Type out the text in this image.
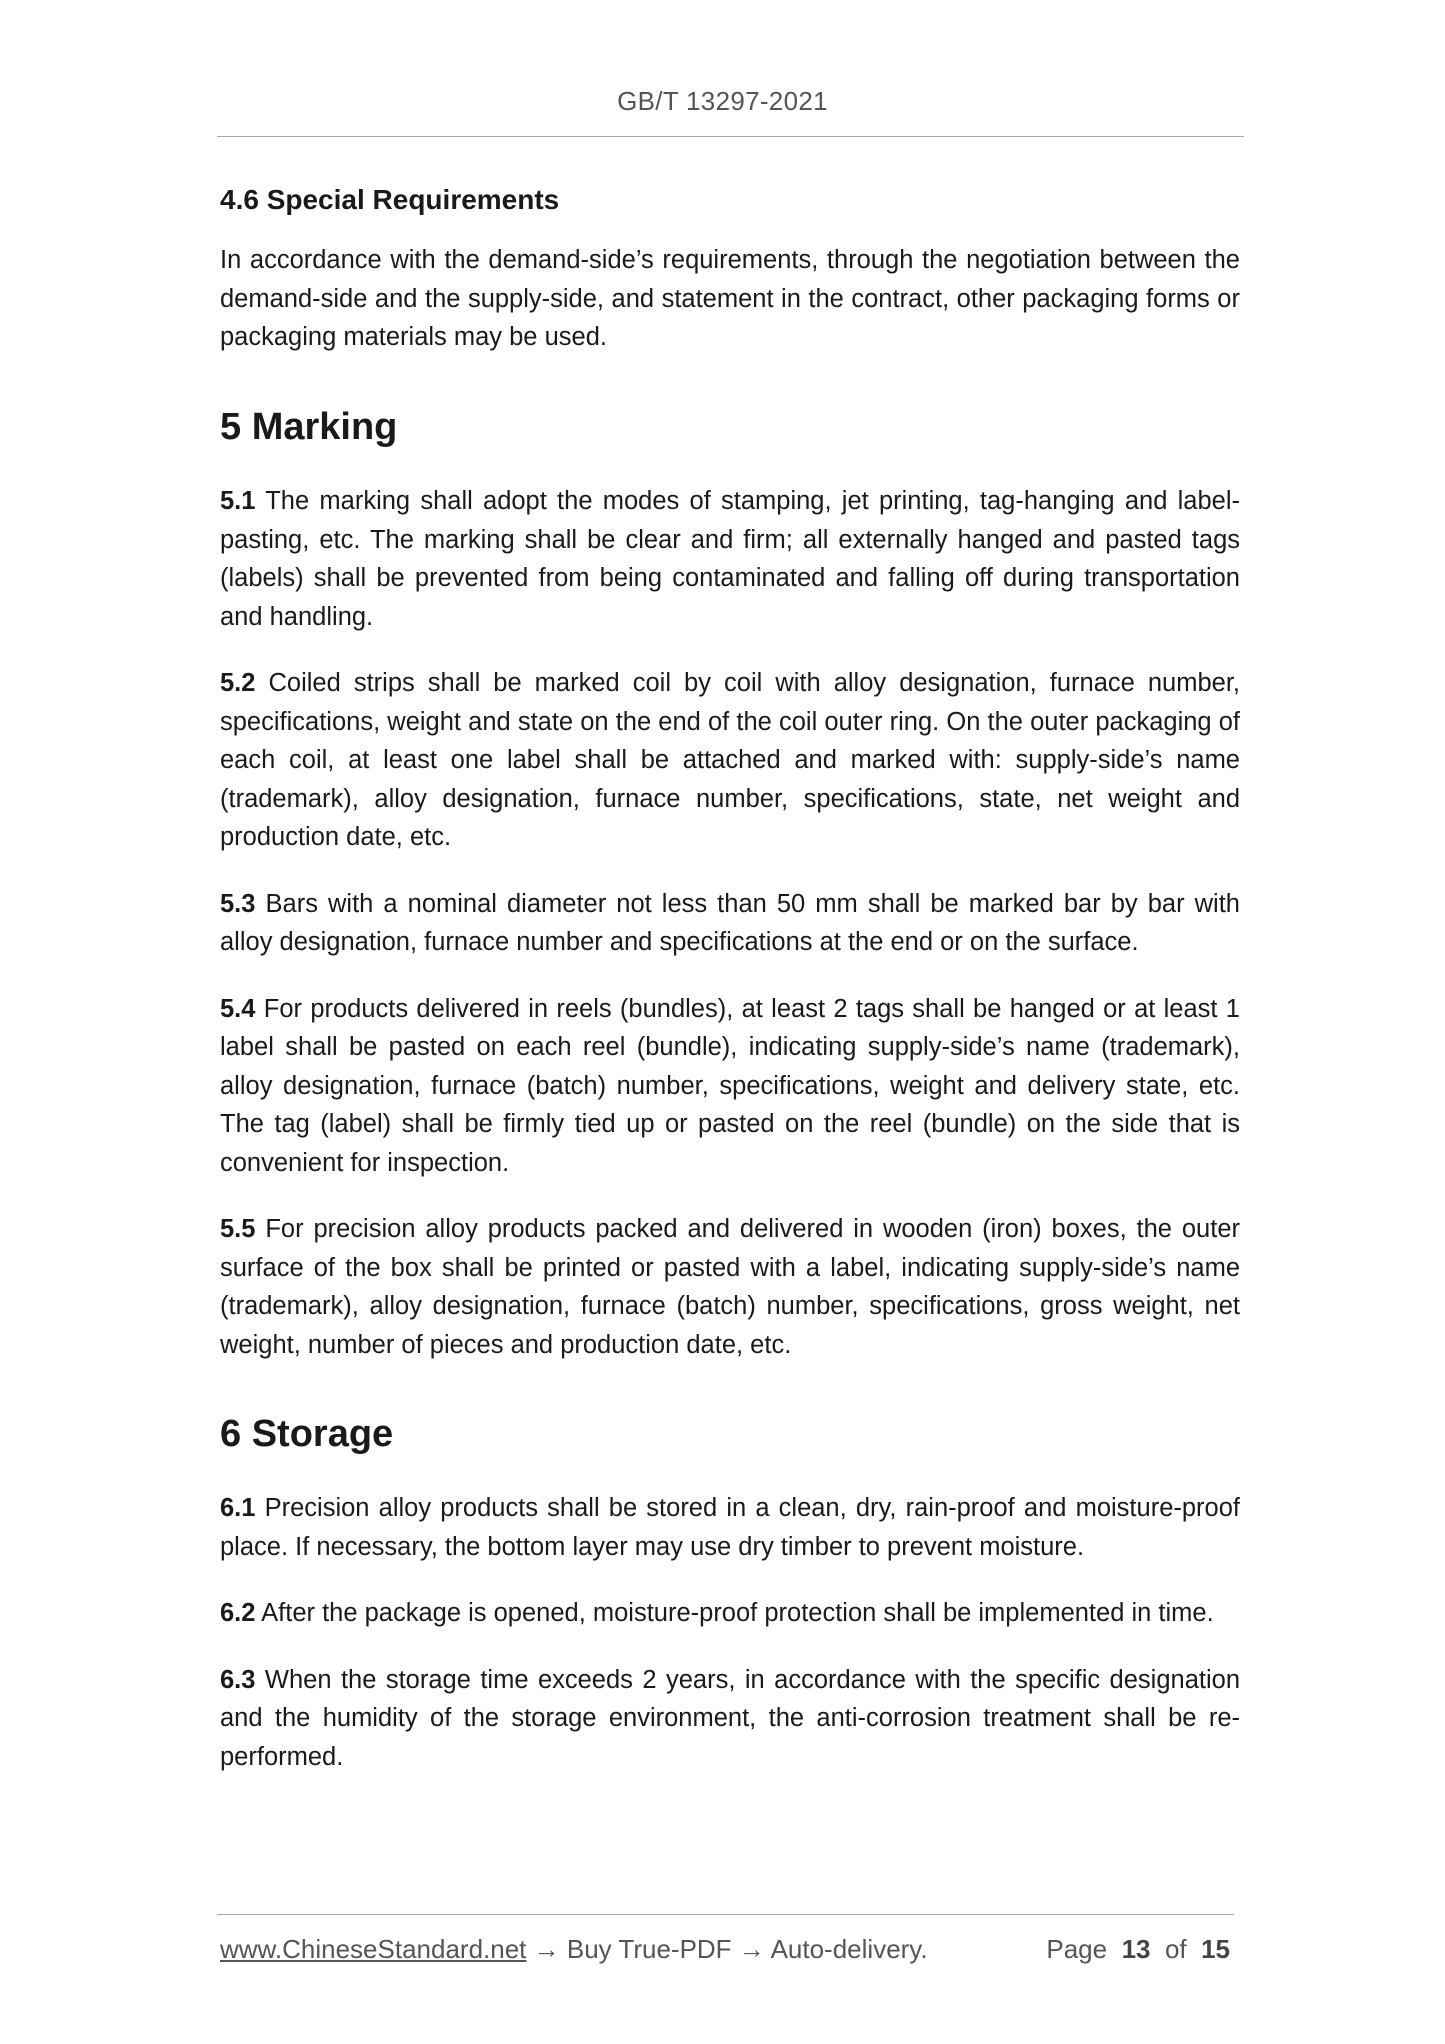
GB/T 13297-2021
4.6 Special Requirements

In accordance with the demand-side’s requirements, through the negotiation between the demand-side and the supply-side, and statement in the contract, other packaging forms or packaging materials may be used.

5 Marking

5.1 The marking shall adopt the modes of stamping, jet printing, tag-hanging and label-pasting, etc. The marking shall be clear and firm; all externally hanged and pasted tags (labels) shall be prevented from being contaminated and falling off during transportation and handling.

5.2 Coiled strips shall be marked coil by coil with alloy designation, furnace number, specifications, weight and state on the end of the coil outer ring. On the outer packaging of each coil, at least one label shall be attached and marked with: supply-side’s name (trademark), alloy designation, furnace number, specifications, state, net weight and production date, etc.

5.3 Bars with a nominal diameter not less than 50 mm shall be marked bar by bar with alloy designation, furnace number and specifications at the end or on the surface.

5.4 For products delivered in reels (bundles), at least 2 tags shall be hanged or at least 1 label shall be pasted on each reel (bundle), indicating supply-side’s name (trademark), alloy designation, furnace (batch) number, specifications, weight and delivery state, etc. The tag (label) shall be firmly tied up or pasted on the reel (bundle) on the side that is convenient for inspection.

5.5 For precision alloy products packed and delivered in wooden (iron) boxes, the outer surface of the box shall be printed or pasted with a label, indicating supply-side’s name (trademark), alloy designation, furnace (batch) number, specifications, gross weight, net weight, number of pieces and production date, etc.

6 Storage

6.1 Precision alloy products shall be stored in a clean, dry, rain-proof and moisture-proof place. If necessary, the bottom layer may use dry timber to prevent moisture.

6.2 After the package is opened, moisture-proof protection shall be implemented in time.

6.3 When the storage time exceeds 2 years, in accordance with the specific designation and the humidity of the storage environment, the anti-corrosion treatment shall be re-performed.

www.ChineseStandard.net → Buy True-PDF → Auto-delivery.	Page 13 of 15
